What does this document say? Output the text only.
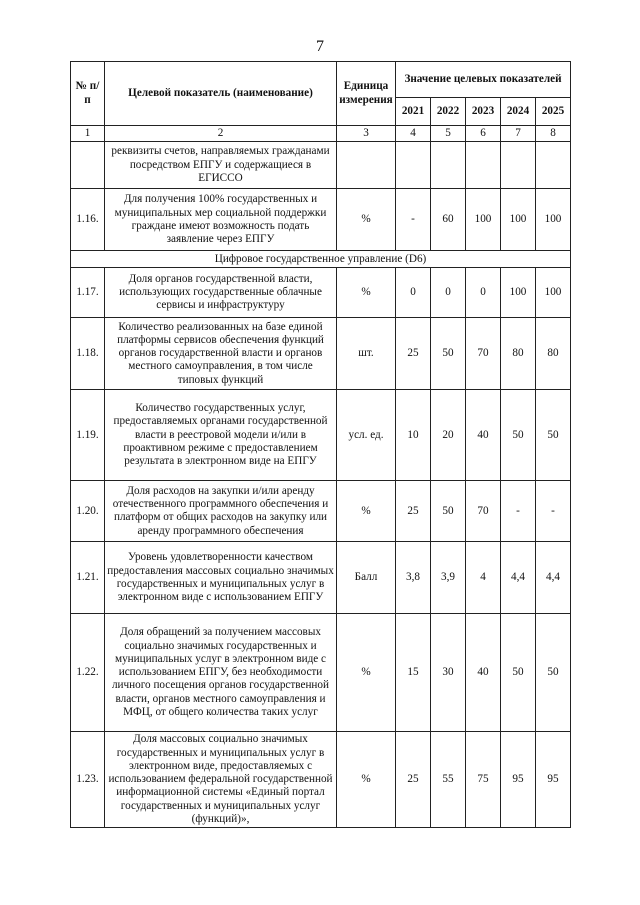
7
№ п/п	Целевой показатель (наименование)	Единица измерения	Значение целевых показателей				
			2021	2022	2023	2024	2025
1	2	3	4	5	6	7	8
	реквизиты счетов, направляемых гражданами посредством ЕПГУ и содержащиеся в ЕГИССО						
1.16.	Для получения 100% государственных и муниципальных мер социальной поддержки граждане имеют возможность подать заявление через ЕПГУ	%	-	60	100	100	100
Цифровое государственное управление (D6)							
1.17.	Доля органов государственной власти, использующих государственные облачные сервисы и инфраструктуру	%	0	0	0	100	100
1.18.	Количество реализованных на базе единой платформы сервисов обеспечения функций органов государственной власти и органов местного самоуправления, в том числе типовых функций	шт.	25	50	70	80	80
1.19.	Количество государственных услуг, предоставляемых органами государственной власти в реестровой модели и/или в проактивном режиме с предоставлением результата в электронном виде на ЕПГУ	усл. ед.	10	20	40	50	50
1.20.	Доля расходов на закупки и/или аренду отечественного программного обеспечения и платформ от общих расходов на закупку или аренду программного обеспечения	%	25	50	70	-	-
1.21.	Уровень удовлетворенности качеством предоставления массовых социально значимых государственных и муниципальных услуг в электронном виде с использованием ЕПГУ	Балл	3,8	3,9	4	4,4	4,4
1.22.	Доля обращений за получением массовых социально значимых государственных и муниципальных услуг в электронном виде с использованием ЕПГУ, без необходимости личного посещения органов государственной власти, органов местного самоуправления и МФЦ, от общего количества таких услуг	%	15	30	40	50	50
1.23.	Доля массовых социально значимых государственных и муниципальных услуг в электронном виде, предоставляемых с использованием федеральной государственной информационной системы «Единый портал государственных и муниципальных услуг (функций)»,	%	25	55	75	95	95
